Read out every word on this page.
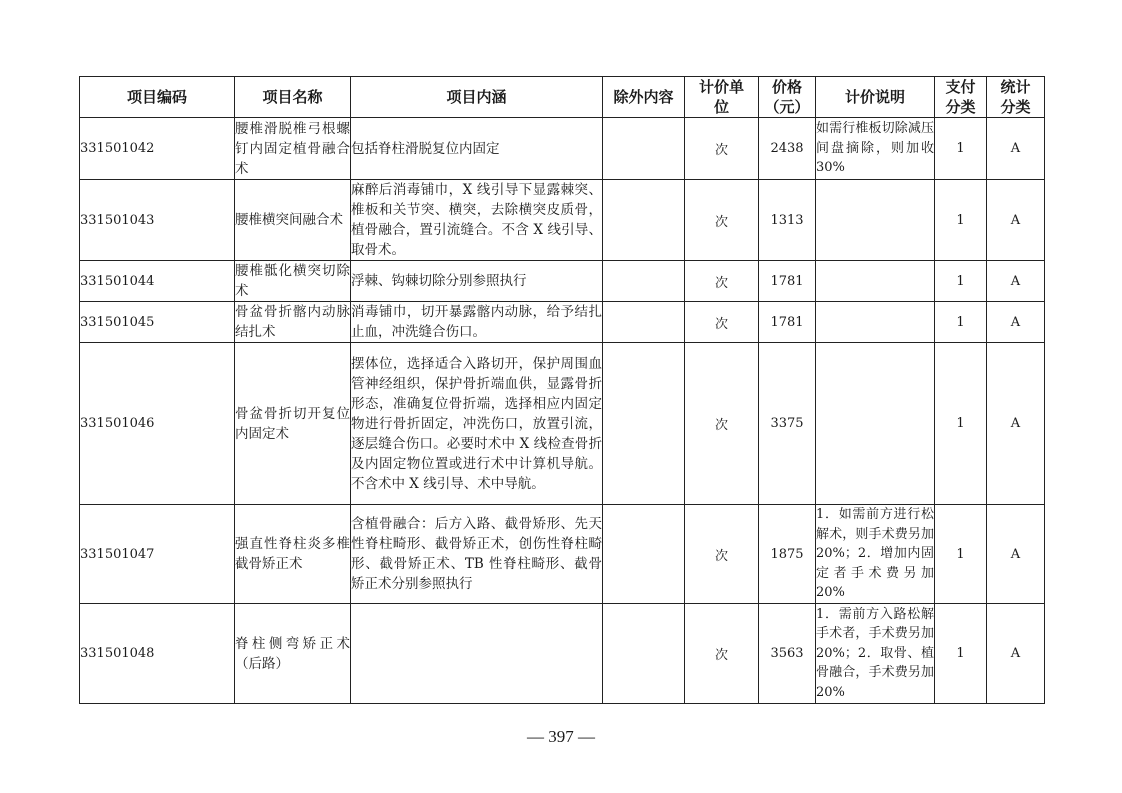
项目编码	项目名称	项目内涵	除外内容	计价单位	价格（元）	计价说明	支付分类	统计分类
331501042	腰椎滑脱椎弓根螺钉内固定植骨融合术	包括脊柱滑脱复位内固定		次	2438	如需行椎板切除减压间盘摘除，则加收 30%	1	A
331501043	腰椎横突间融合术	麻醉后消毒铺巾，X 线引导下显露棘突、椎板和关节突、横突，去除横突皮质骨，植骨融合，置引流缝合。不含 X 线引导、取骨术。		次	1313		1	A
331501044	腰椎骶化横突切除术	浮棘、钩棘切除分别参照执行		次	1781		1	A
331501045	骨盆骨折髂内动脉结扎术	消毒铺巾，切开暴露髂内动脉，给予结扎止血，冲洗缝合伤口。		次	1781		1	A
331501046	骨盆骨折切开复位内固定术	摆体位，选择适合入路切开，保护周围血管神经组织，保护骨折端血供，显露骨折形态，准确复位骨折端，选择相应内固定物进行骨折固定，冲洗伤口，放置引流，逐层缝合伤口。必要时术中 X 线检查骨折及内固定物位置或进行术中计算机导航。不含术中 X 线引导、术中导航。		次	3375		1	A
331501047	强直性脊柱炎多椎截骨矫正术	含植骨融合：后方入路、截骨矫形、先天性脊柱畸形、截骨矫正术，创伤性脊柱畸形、截骨矫正术、TB 性脊柱畸形、截骨矫正术分别参照执行		次	1875	1．如需前方进行松解术，则手术费另加 20%；2．增加内固定者手术费另加 20%	1	A
331501048	脊柱侧弯矫正术（后路）			次	3563	1．需前方入路松解手术者，手术费另加 20%；2．取骨、植骨融合，手术费另加 20%	1	A
— 397 —
